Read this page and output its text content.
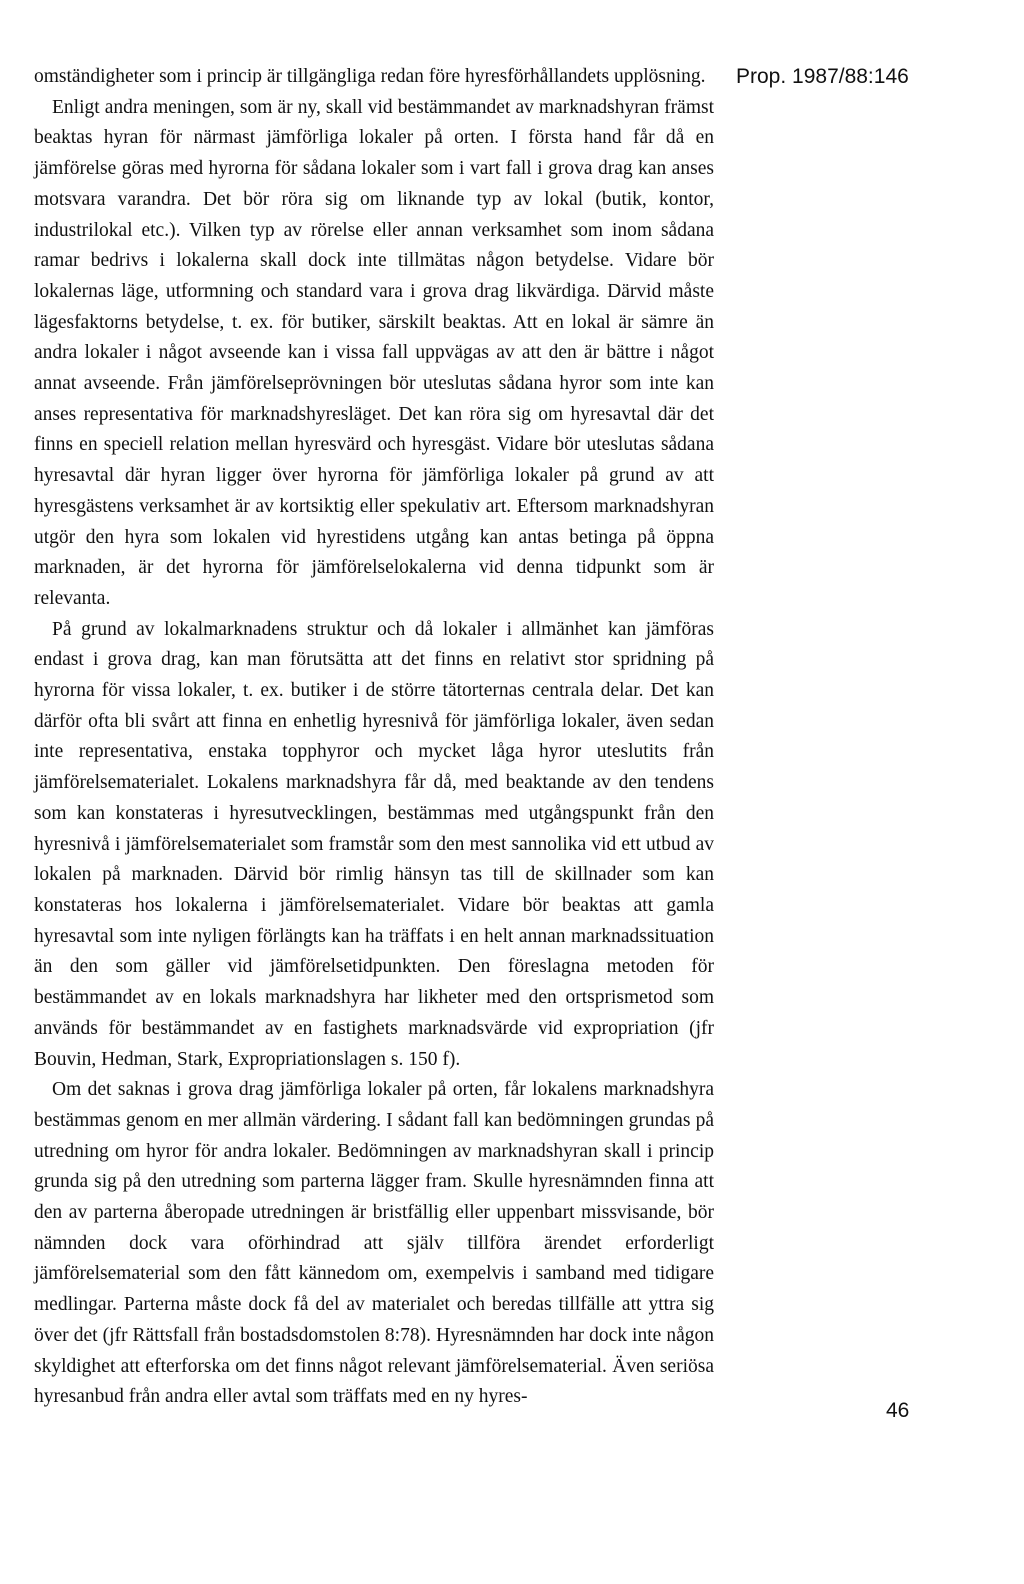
Prop. 1987/88:146

omständigheter som i princip är tillgängliga redan före hyresförhållandets upplösning.

Enligt andra meningen, som är ny, skall vid bestämmandet av marknadshyran främst beaktas hyran för närmast jämförliga lokaler på orten. I första hand får då en jämförelse göras med hyrorna för sådana lokaler som i vart fall i grova drag kan anses motsvara varandra. Det bör röra sig om liknande typ av lokal (butik, kontor, industrilokal etc.). Vilken typ av rörelse eller annan verksamhet som inom sådana ramar bedrivs i lokalerna skall dock inte tillmätas någon betydelse. Vidare bör lokalernas läge, utformning och standard vara i grova drag likvärdiga. Därvid måste lägesfaktorns betydelse, t. ex. för butiker, särskilt beaktas. Att en lokal är sämre än andra lokaler i något avseende kan i vissa fall uppvägas av att den är bättre i något annat avseende. Från jämförelseprövningen bör uteslutas sådana hyror som inte kan anses representativa för marknadshyresläget. Det kan röra sig om hyresavtal där det finns en speciell relation mellan hyresvärd och hyresgäst. Vidare bör uteslutas sådana hyresavtal där hyran ligger över hyrorna för jämförliga lokaler på grund av att hyresgästens verksamhet är av kortsiktig eller spekulativ art. Eftersom marknadshyran utgör den hyra som lokalen vid hyrestidens utgång kan antas betinga på öppna marknaden, är det hyrorna för jämförelselokalerna vid denna tidpunkt som är relevanta.

På grund av lokalmarknadens struktur och då lokaler i allmänhet kan jämföras endast i grova drag, kan man förutsätta att det finns en relativt stor spridning på hyrorna för vissa lokaler, t. ex. butiker i de större tätorternas centrala delar. Det kan därför ofta bli svårt att finna en enhetlig hyresnivå för jämförliga lokaler, även sedan inte representativa, enstaka topphyror och mycket låga hyror uteslutits från jämförelsematerialet. Lokalens marknadshyra får då, med beaktande av den tendens som kan konstateras i hyresutvecklingen, bestämmas med utgångspunkt från den hyresnivå i jämförelsematerialet som framstår som den mest sannolika vid ett utbud av lokalen på marknaden. Därvid bör rimlig hänsyn tas till de skillnader som kan konstateras hos lokalerna i jämförelsematerialet. Vidare bör beaktas att gamla hyresavtal som inte nyligen förlängts kan ha träffats i en helt annan marknadssituation än den som gäller vid jämförelsetidpunkten. Den föreslagna metoden för bestämmandet av en lokals marknadshyra har likheter med den ortsprismetod som används för bestämmandet av en fastighets marknadsvärde vid expropriation (jfr Bouvin, Hedman, Stark, Expropriationslagen s. 150 f).

Om det saknas i grova drag jämförliga lokaler på orten, får lokalens marknadshyra bestämmas genom en mer allmän värdering. I sådant fall kan bedömningen grundas på utredning om hyror för andra lokaler. Bedömningen av marknadshyran skall i princip grunda sig på den utredning som parterna lägger fram. Skulle hyresnämnden finna att den av parterna åberopade utredningen är bristfällig eller uppenbart missvisande, bör nämnden dock vara oförhindrad att själv tillföra ärendet erforderligt jämförelsematerial som den fått kännedom om, exempelvis i samband med tidigare medlingar. Parterna måste dock få del av materialet och beredas tillfälle att yttra sig över det (jfr Rättsfall från bostadsdomstolen 8:78). Hyresnämnden har dock inte någon skyldighet att efterforska om det finns något relevant jämförelsematerial. Även seriösa hyresanbud från andra eller avtal som träffats med en ny hyres-

46
